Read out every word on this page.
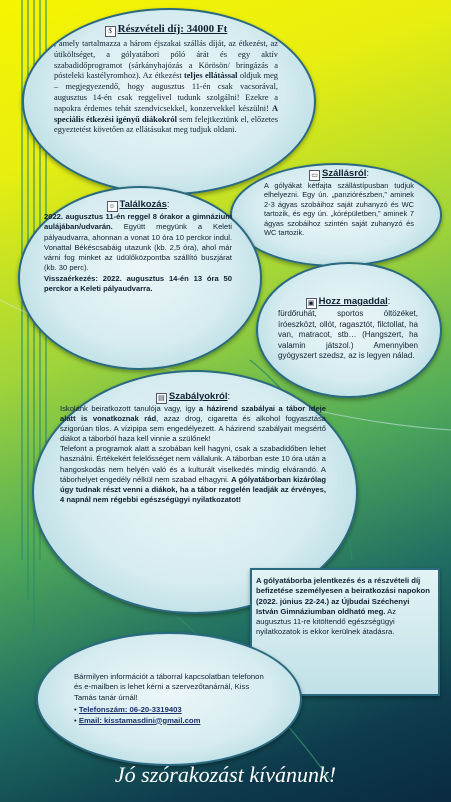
$ Részvételi díj: 34000 Ft
, amely tartalmazza a három éjszakai szállás díját, az étkezést, az útiköltséget, a gólyatábori póló árát és egy aktív szabadidőprogramot (sárkányhajózás a Körösön/ bringázás a pósteleki kastélyromhoz). Az étkezést teljes ellátással oldjuk meg – megjegyezendő, hogy augusztus 11-én csak vacsorával, augusztus 14-én csak reggelivel tudunk szolgálni! Ezekre a napokra érdemes tehát szendvicsekkel, konzervekkel készülni! A speciális étkezési igényű diákokról sem felejtkeztünk el, előzetes egyeztetést követően az ellátásukat meg tudjuk oldani.
▭ Szállásról:
A gólyákat kétfajta szállástípusban tudjuk elhelyezni. Egy ún. „panziórészben,” aminek 2-3 ágyas szobáihoz saját zuhanyzó és WC tartozik, és egy ún. „kórépületben,” aminek 7 ágyas szobáihoz szintén saját zuhanyzó és WC tartozik.
☺ Találkozás:
2022. augusztus 11-én reggel 8 órakor a gimnázium aulájában/udvarán. Együtt megyünk a Keleti pályaudvarra, ahonnan a vonat 10 óra 10 perckor indul. Vonattal Békéscsabáig utazunk (kb. 2,5 óra), ahol már várni fog minket az üdülőközpontba szállító buszjárat (kb. 30 perc).
Visszaérkezés: 2022. augusztus 14-én 13 óra 50 perckor a Keleti pályaudvarra.
▣ Hozz magaddal:
fürdőruhát, sportos öltözéket, íróeszközt, ollót, ragasztót, filctollat, ha van, matracot, stb… (Hangszert, ha valamin játszol.) Amennyiben gyógyszert szedsz, az is legyen nálad.
▤ Szabályokról:
Iskolánk beiratkozott tanulója vagy, így a házirend szabályai a tábor ideje alatt is vonatkoznak rád, azaz drog, cigaretta és alkohol fogyasztása szigorúan tilos. A vízipipa sem engedélyezett. A házirend szabályait megsértő diákot a táborból haza kell vinnie a szülőnek!
Telefont a programok alatt a szobában kell hagyni, csak a szabadidőben lehet használni. Értékekért felelősséget nem vállalunk. A táborban este 10 óra után a hangoskodás nem helyén való és a kulturált viselkedés mindig elvárandó. A táborhelyet engedély nélkül nem szabad elhagyni. A gólyatáborban kizárólag úgy tudnak részt venni a diákok, ha a tábor reggelén leadják az érvényes, 4 napnál nem régebbi egészségügyi nyilatkozatot!
A gólyatáborba jelentkezés és a részvételi díj befizetése személyesen a beiratkozási napokon (2022. június 22-24.) az Újbudai Széchenyi István Gimnáziumban oldható meg. Az augusztus 11-re kitöltendő egészségügyi nyilatkozatok is ekkor kerülnek átadásra.
Bármilyen információt a táborral kapcsolatban telefonon és e-mailben is lehet kérni a szervezőtanárnál, Kiss Tamás tanár úrnál!
• Telefonszám: 06-20-3319403
• Email: kisstamasdini@gmail.com
Jó szórakozást kívánunk!
